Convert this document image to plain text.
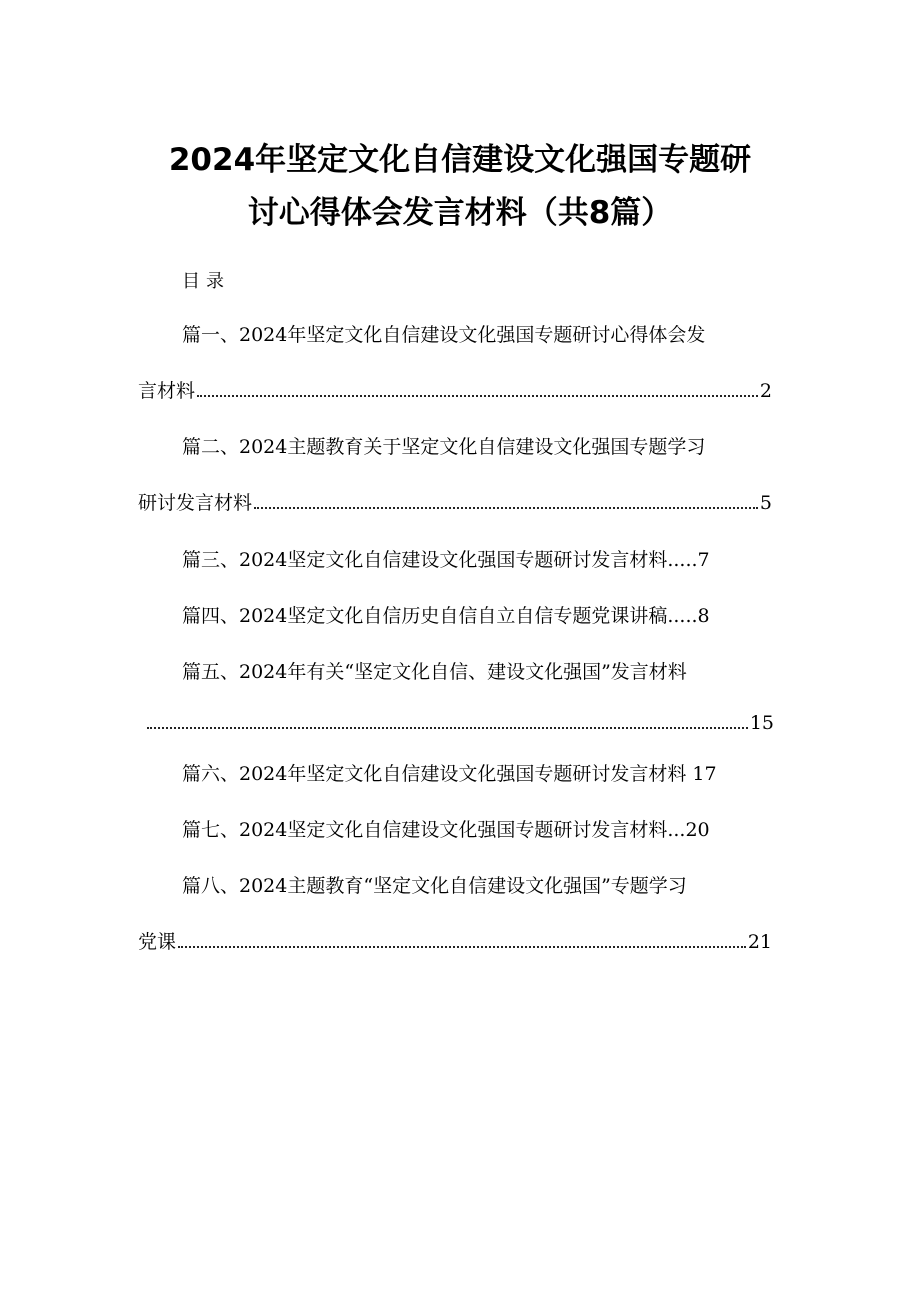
2024年坚定文化自信建设文化强国专题研
讨心得体会发言材料（共8篇）
目录
篇一、2024年坚定文化自信建设文化强国专题研讨心得体会发
言材料	2
篇二、2024主题教育关于坚定文化自信建设文化强国专题学习
研讨发言材料	5
篇三、2024坚定文化自信建设文化强国专题研讨发言材料.....7
篇四、2024坚定文化自信历史自信自立自信专题党课讲稿.....8
篇五、2024年有关“坚定文化自信、建设文化强国”发言材料
15
篇六、2024年坚定文化自信建设文化强国专题研讨发言材料 17
篇七、2024坚定文化自信建设文化强国专题研讨发言材料...20
篇八、2024主题教育“坚定文化自信建设文化强国”专题学习
党课	21
